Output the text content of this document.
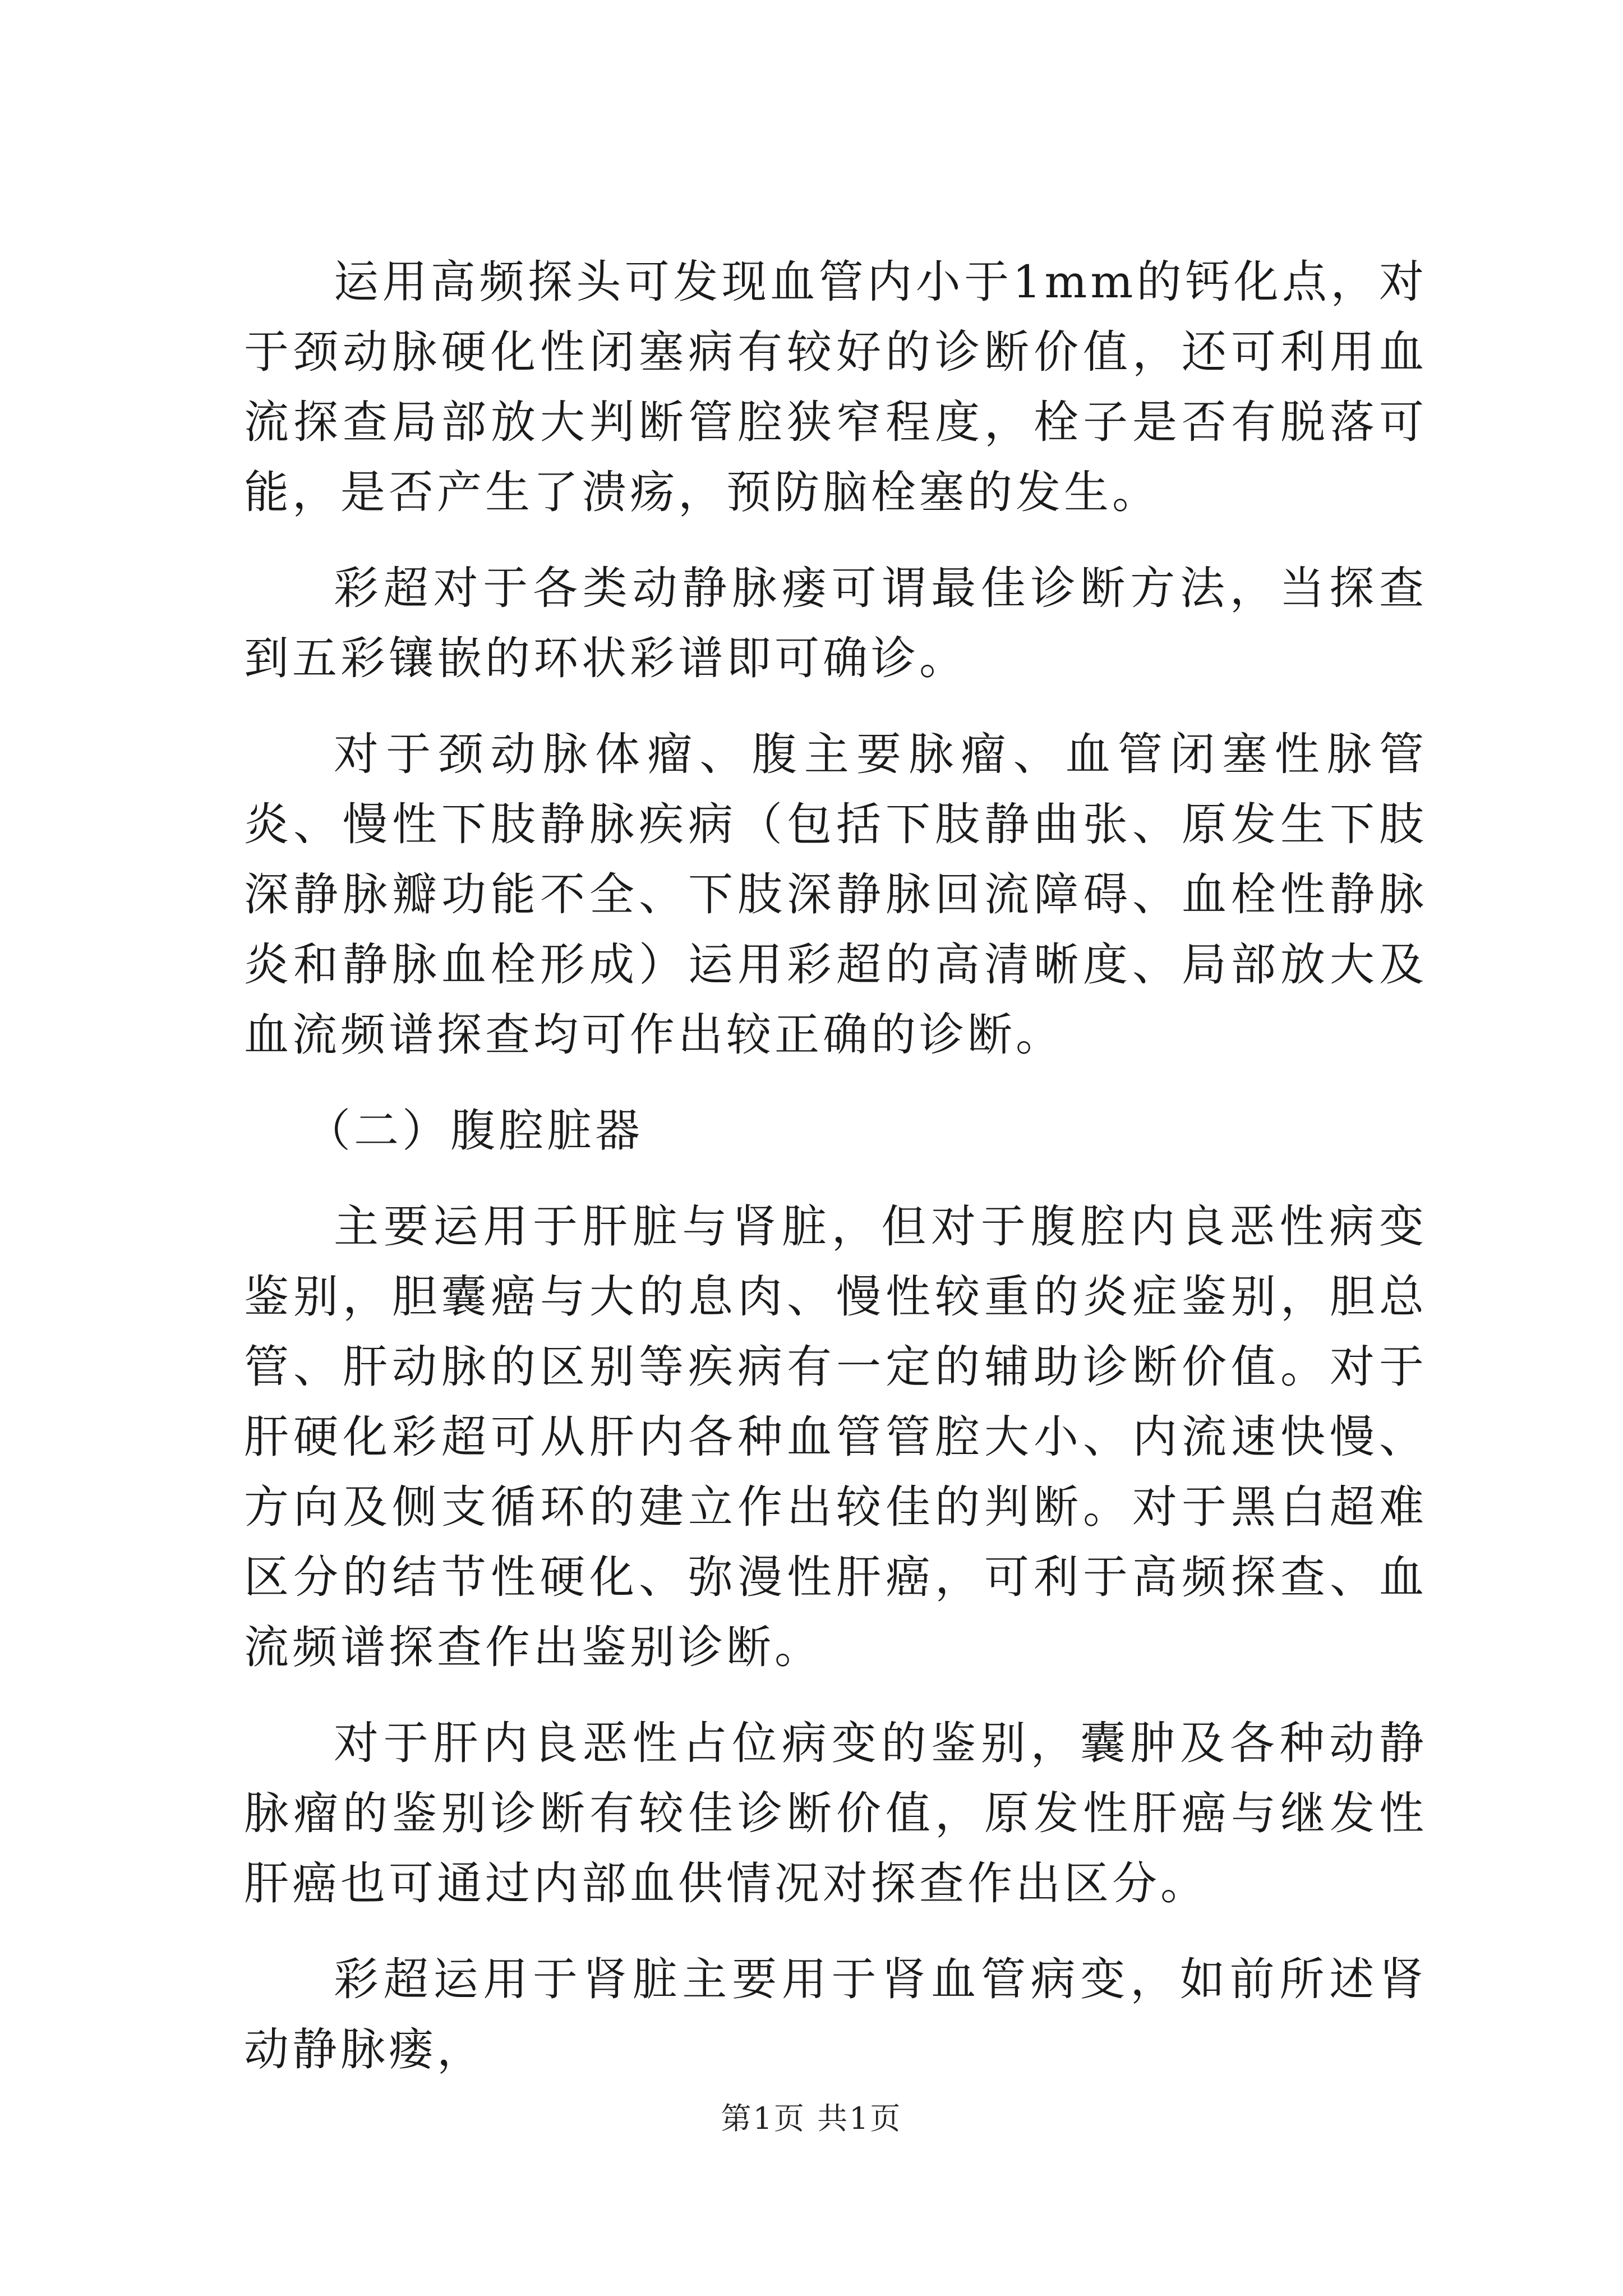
运用高频探头可发现血管内小于1mm的钙化点，对于颈动脉硬化性闭塞病有较好的诊断价值，还可利用血流探查局部放大判断管腔狭窄程度，栓子是否有脱落可能，是否产生了溃疡，预防脑栓塞的发生。

彩超对于各类动静脉瘘可谓最佳诊断方法，当探查到五彩镶嵌的环状彩谱即可确诊。

对于颈动脉体瘤、腹主要脉瘤、血管闭塞性脉管炎、慢性下肢静脉疾病（包括下肢静曲张、原发生下肢深静脉瓣功能不全、下肢深静脉回流障碍、血栓性静脉炎和静脉血栓形成）运用彩超的高清晰度、局部放大及血流频谱探查均可作出较正确的诊断。

（二）腹腔脏器

主要运用于肝脏与肾脏，但对于腹腔内良恶性病变鉴别，胆囊癌与大的息肉、慢性较重的炎症鉴别，胆总管、肝动脉的区别等疾病有一定的辅助诊断价值。对于肝硬化彩超可从肝内各种血管管腔大小、内流速快慢、方向及侧支循环的建立作出较佳的判断。对于黑白超难区分的结节性硬化、弥漫性肝癌，可利于高频探查、血流频谱探查作出鉴别诊断。

对于肝内良恶性占位病变的鉴别，囊肿及各种动静脉瘤的鉴别诊断有较佳诊断价值，原发性肝癌与继发性肝癌也可通过内部血供情况对探查作出区分。

彩超运用于肾脏主要用于肾血管病变，如前所述肾动静脉瘘，

第1页 共1页
